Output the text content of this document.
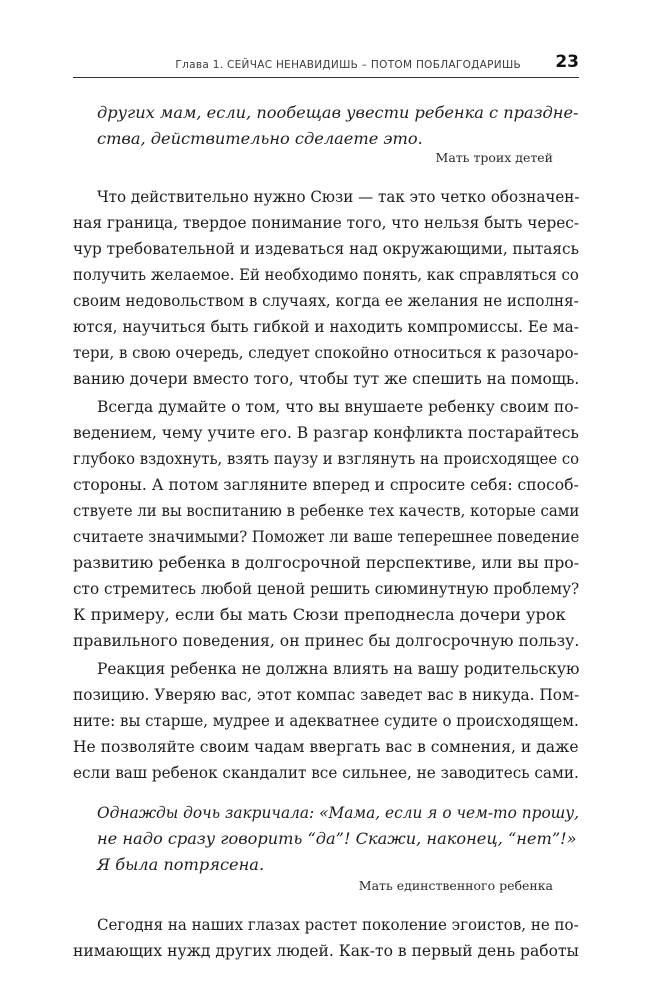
Глава 1. СЕЙЧАС НЕНАВИДИШЬ – ПОТОМ ПОБЛАГОДАРИШЬ 23
других мам, если, пообещав увести ребенка с праздне-
ства, действительно сделаете это.
Мать троих детей
Что действительно нужно Сюзи — так это четко обозначен-
ная граница, твердое понимание того, что нельзя быть черес-
чур требовательной и издеваться над окружающими, пытаясь
получить желаемое. Ей необходимо понять, как справляться со
своим недовольством в случаях, когда ее желания не исполня-
ются, научиться быть гибкой и находить компромиссы. Ее ма-
тери, в свою очередь, следует спокойно относиться к разочаро-
ванию дочери вместо того, чтобы тут же спешить на помощь.
Всегда думайте о том, что вы внушаете ребенку своим по-
ведением, чему учите его. В разгар конфликта постарайтесь
глубоко вздохнуть, взять паузу и взглянуть на происходящее со
стороны. А потом загляните вперед и спросите себя: способ-
ствуете ли вы воспитанию в ребенке тех качеств, которые сами
считаете значимыми? Поможет ли ваше теперешнее поведение
развитию ребенка в долгосрочной перспективе, или вы про-
сто стремитесь любой ценой решить сиюминутную проблему?
К примеру, если бы мать Сюзи преподнесла дочери урок
правильного поведения, он принес бы долгосрочную пользу.
Реакция ребенка не должна влиять на вашу родительскую
позицию. Уверяю вас, этот компас заведет вас в никуда. Пом-
ните: вы старше, мудрее и адекватнее судите о происходящем.
Не позволяйте своим чадам ввергать вас в сомнения, и даже
если ваш ребенок скандалит все сильнее, не заводитесь сами.
Однажды дочь закричала: «Мама, если я о чем-то прошу,
не надо сразу говорить “да”! Скажи, наконец, “нет”!»
Я была потрясена.
Мать единственного ребенка
Сегодня на наших глазах растет поколение эгоистов, не по-
нимающих нужд других людей. Как-то в первый день работы
